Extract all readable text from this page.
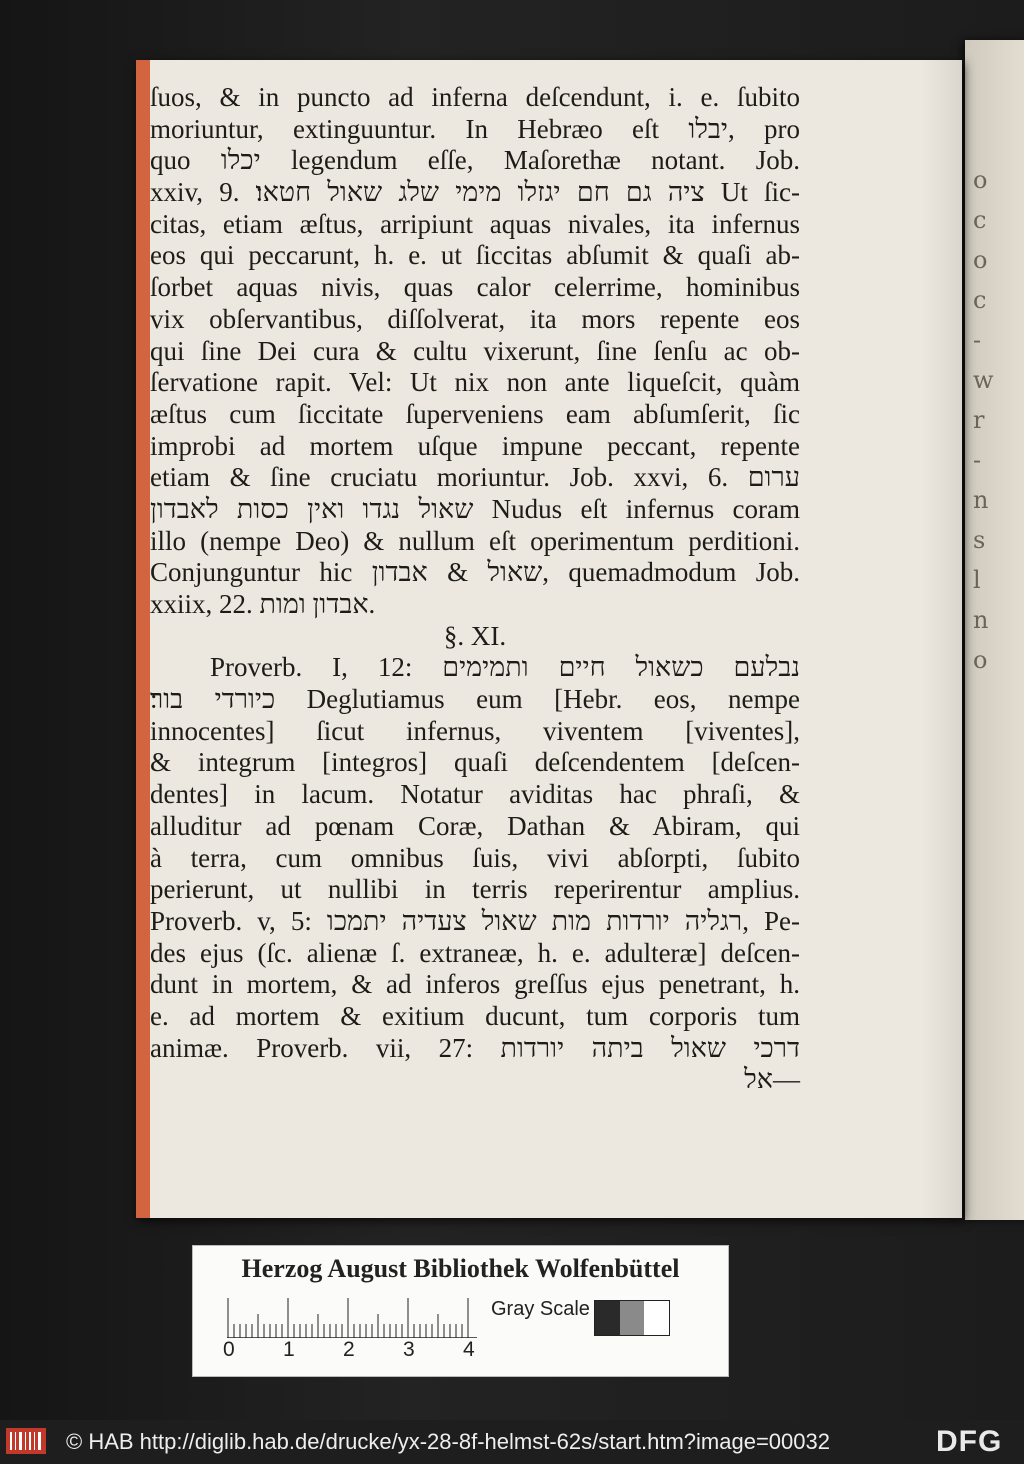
o
c
o
c
-
w
r
-
n
s
l
n
o
ſuos, & in puncto ad inferna deſcendunt, i. e. ſubito
moriuntur, extinguuntur. In Hebræo eſt יבלו, pro
quo יכלו legendum eſſe, Maſorethæ notant. Job.
xxiv, 9. ציה גם חם יגזלו מימי שלג שאול חטאו׃ Ut ſic-
citas, etiam æſtus, arripiunt aquas nivales, ita infernus
eos qui peccarunt, h. e. ut ſiccitas abſumit & quaſi ab-
ſorbet aquas nivis, quas calor celerrime, hominibus
vix obſervantibus, diſſolverat, ita mors repente eos
qui ſine Dei cura & cultu vixerunt, ſine ſenſu ac ob-
ſervatione rapit. Vel: Ut nix non ante liqueſcit, quàm
æſtus cum ſiccitate ſuperveniens eam abſumſerit, ſic
improbi ad mortem uſque impune peccant, repente
etiam & ſine cruciatu moriuntur. Job. xxvi, 6. ערום
שאול נגדו ואין כסות לאבדון Nudus eſt infernus coram
illo (nempe Deo) & nullum eſt operimentum perditioni.
Conjunguntur hic שאול & אבדון, quemadmodum Job.
xxiix, 22. אבדון ומות.
§. XI.
Proverb. I, 12: נבלעם כשאול חיים ותמימים
כיורדי בור׃ Deglutiamus eum [Hebr. eos, nempe
innocentes] ſicut infernus, viventem [viventes],
& integrum [integros] quaſi deſcendentem [deſcen-
dentes] in lacum. Notatur aviditas hac phraſi, &
alluditur ad pœnam Coræ, Dathan & Abiram, qui
à terra, cum omnibus ſuis, vivi abſorpti, ſubito
perierunt, ut nullibi in terris reperirentur amplius.
Proverb. v, 5: רגליה יורדות מות שאול צעדיה יתמכו, Pe-
des ejus (ſc. alienæ ſ. extraneæ, h. e. adulteræ] deſcen-
dunt in mortem, & ad inferos greſſus ejus penetrant, h.
e. ad mortem & exitium ducunt, tum corporis tum
animæ. Proverb. vii, 27: דרכי שאול ביתה יורדות
אל—
Herzog August Bibliothek Wolfenbüttel
0 1 2 3 4
Gray Scale
© HAB http://diglib.hab.de/drucke/yx-28-8f-helmst-62s/start.htm?image=00032	DFG
